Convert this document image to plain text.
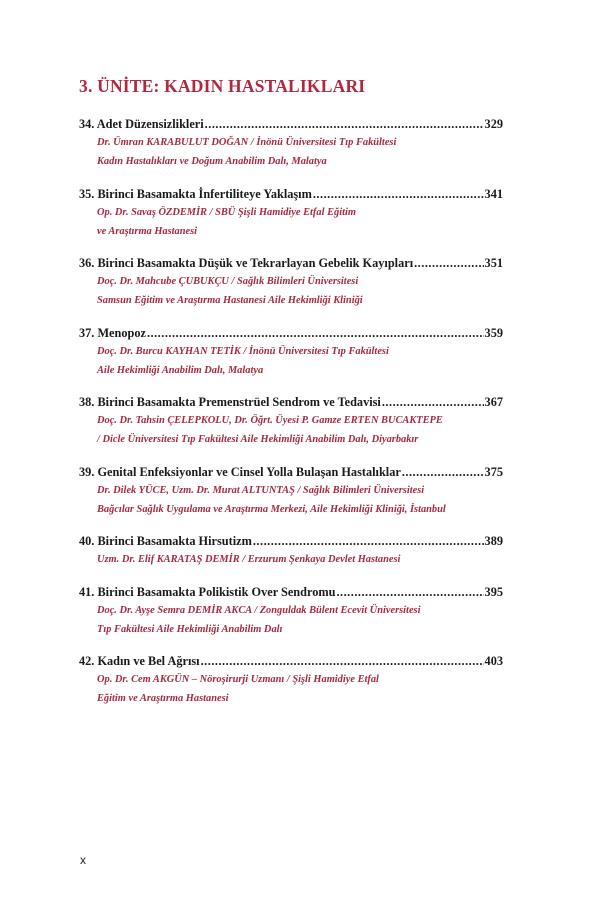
3. ÜNİTE: KADIN HASTALIKLARI
34. Adet Düzensizlikleri .....	329
Dr. Ümran KARABULUT DOĞAN / İnönü Üniversitesi Tıp Fakültesi
Kadın Hastalıkları ve Doğum Anabilim Dalı, Malatya
35. Birinci Basamakta İnfertiliteye Yaklaşım .....	341
Op. Dr. Savaş ÖZDEMİR / SBÜ Şişli Hamidiye Etfal Eğitim
ve Araştırma Hastanesi
36. Birinci Basamakta Düşük ve Tekrarlayan Gebelik Kayıpları .....	351
Doç. Dr. Mahcube ÇUBUKÇU / Sağlık Bilimleri Üniversitesi
Samsun Eğitim ve Araştırma Hastanesi Aile Hekimliği Kliniği
37. Menopoz .....	359
Doç. Dr. Burcu KAYHAN TETİK / İnönü Üniversitesi Tıp Fakültesi
Aile Hekimliği Anabilim Dalı, Malatya
38. Birinci Basamakta Premenstrüel Sendrom ve Tedavisi .....	367
Doç. Dr. Tahsin ÇELEPKOLU, Dr. Öğrt. Üyesi P. Gamze ERTEN BUCAKTEPE
/ Dicle Üniversitesi Tıp Fakültesi Aile Hekimliği Anabilim Dalı, Diyarbakır
39. Genital Enfeksiyonlar ve Cinsel Yolla Bulaşan Hastalıklar .....	375
Dr. Dilek YÜCE, Uzm. Dr. Murat ALTUNTAŞ / Sağlık Bilimleri Üniversitesi
Bağcılar Sağlık Uygulama ve Araştırma Merkezi, Aile Hekimliği Kliniği, İstanbul
40. Birinci Basamakta Hirsutizm .....	389
Uzm. Dr. Elif KARATAŞ DEMİR / Erzurum Şenkaya Devlet Hastanesi
41. Birinci Basamakta Polikistik Over Sendromu .....	395
Doç. Dr. Ayşe Semra DEMİR AKCA / Zonguldak Bülent Ecevit Üniversitesi
Tıp Fakültesi Aile Hekimliği Anabilim Dalı
42. Kadın ve Bel Ağrısı .....	403
Op. Dr. Cem AKGÜN – Nöroşirurji Uzmanı / Şişli Hamidiye Etfal
Eğitim ve Araştırma Hastanesi
x
